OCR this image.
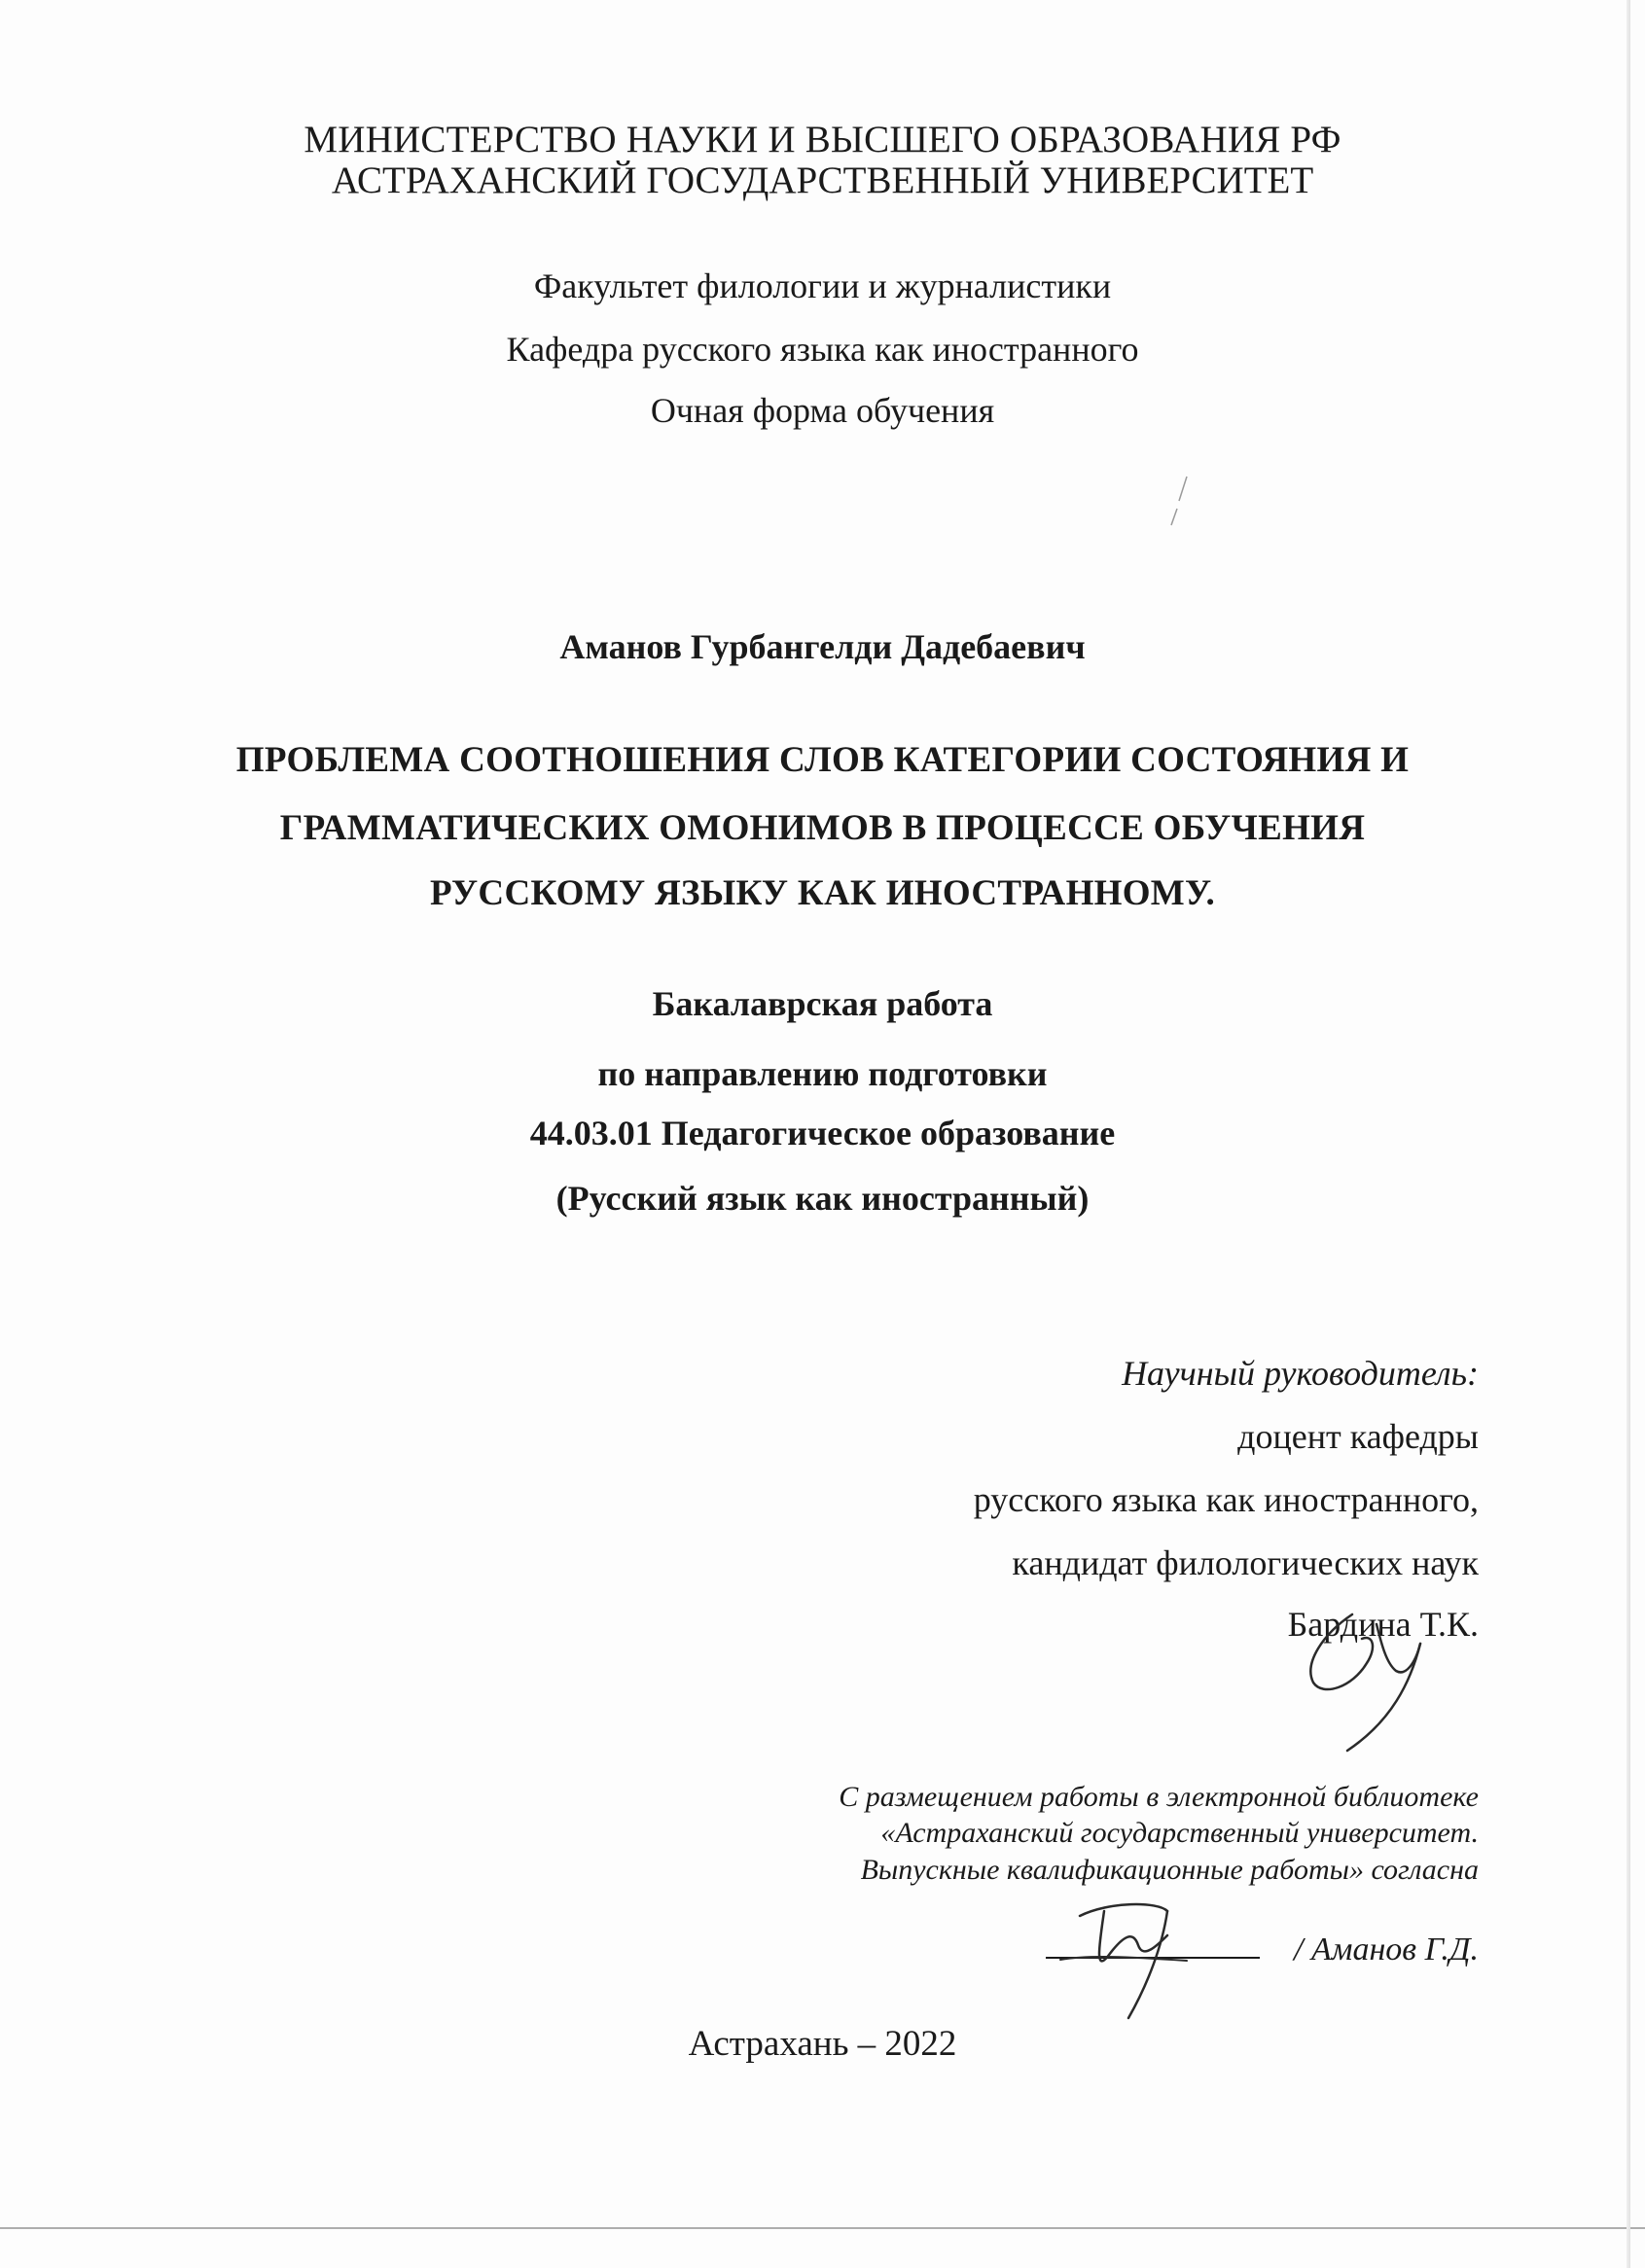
МИНИСТЕРСТВО НАУКИ И ВЫСШЕГО ОБРАЗОВАНИЯ РФ
АСТРАХАНСКИЙ ГОСУДАРСТВЕННЫЙ УНИВЕРСИТЕТ
Факультет филологии и журналистики
Кафедра русского языка как иностранного
Очная форма обучения
Аманов Гурбангелди Дадебаевич
ПРОБЛЕМА СООТНОШЕНИЯ СЛОВ КАТЕГОРИИ СОСТОЯНИЯ И
ГРАММАТИЧЕСКИХ ОМОНИМОВ В ПРОЦЕССЕ ОБУЧЕНИЯ
РУССКОМУ ЯЗЫКУ КАК ИНОСТРАННОМУ.
Бакалаврская работа
по направлению подготовки
44.03.01 Педагогическое образование
(Русский язык как иностранный)
Научный руководитель:
доцент кафедры
русского языка как иностранного,
кандидат филологических наук
Бардина Т.К.
С размещением работы в электронной библиотеке
«Астраханский государственный университет.
Выпускные квалификационные работы» согласна
/ Аманов Г.Д.
Астрахань – 2022
